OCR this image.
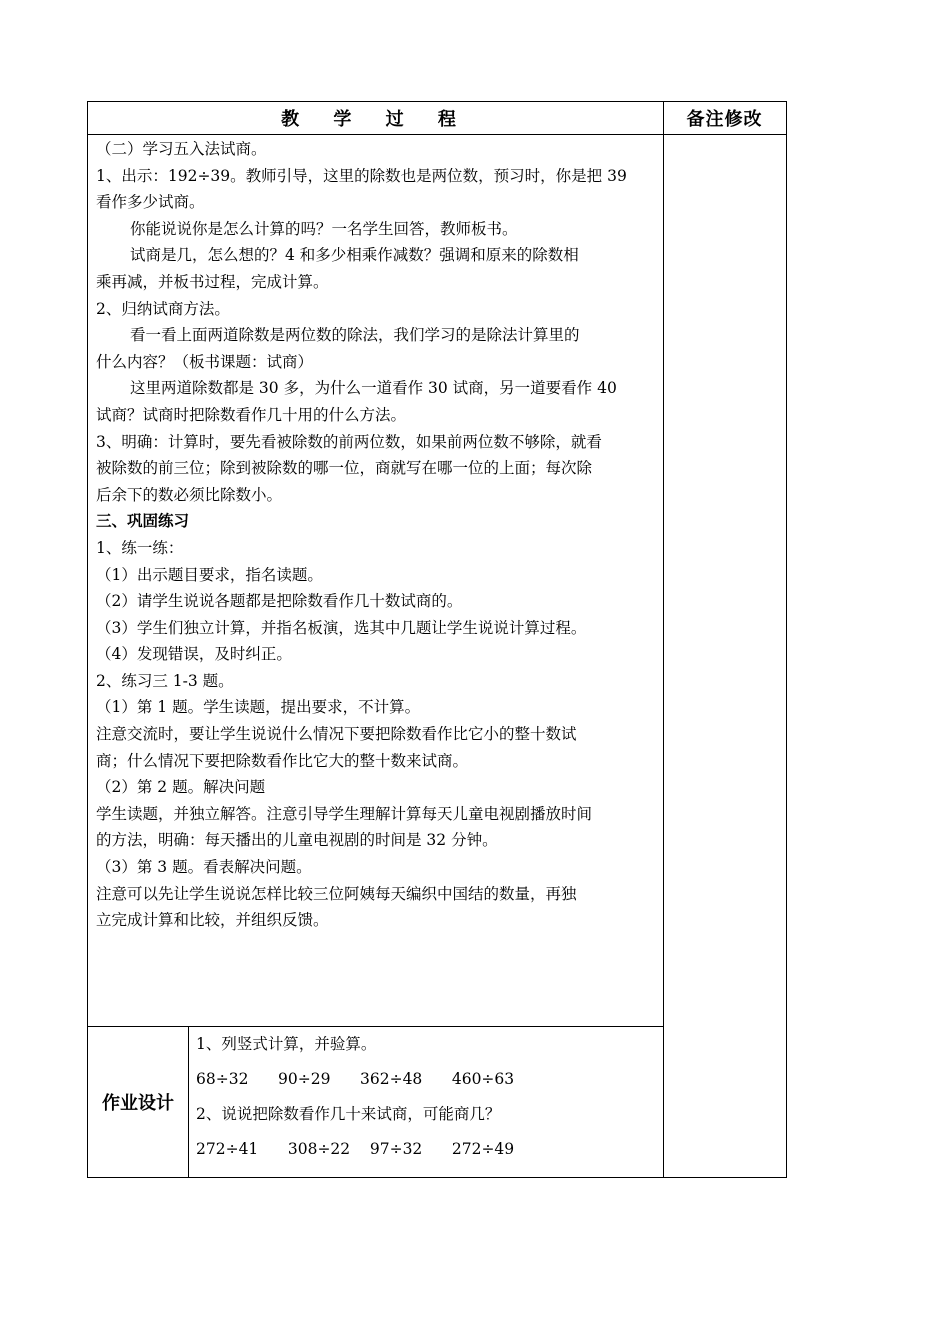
教 学 过 程	备注修改
（二）学习五入法试商。
1、出示：192÷39。教师引导，这里的除数也是两位数，预习时，你是把 39
看作多少试商。
你能说说你是怎么计算的吗？一名学生回答，教师板书。
试商是几，怎么想的？4 和多少相乘作减数？强调和原来的除数相
乘再减，并板书过程，完成计算。
2、归纳试商方法。
看一看上面两道除数是两位数的除法，我们学习的是除法计算里的
什么内容？（板书课题：试商）
这里两道除数都是 30 多，为什么一道看作 30 试商，另一道要看作 40
试商？试商时把除数看作几十用的什么方法。
3、明确：计算时，要先看被除数的前两位数，如果前两位数不够除，就看
被除数的前三位；除到被除数的哪一位，商就写在哪一位的上面；每次除
后余下的数必须比除数小。
三、巩固练习
1、练一练：
（1）出示题目要求，指名读题。
（2）请学生说说各题都是把除数看作几十数试商的。
（3）学生们独立计算，并指名板演，选其中几题让学生说说计算过程。
（4）发现错误，及时纠正。
2、练习三 1-3 题。
（1）第 1 题。学生读题，提出要求，不计算。
注意交流时，要让学生说说什么情况下要把除数看作比它小的整十数试
商；什么情况下要把除数看作比它大的整十数来试商。
（2）第 2 题。解决问题
学生读题，并独立解答。注意引导学生理解计算每天儿童电视剧播放时间
的方法，明确：每天播出的儿童电视剧的时间是 32 分钟。
（3）第 3 题。看表解决问题。
注意可以先让学生说说怎样比较三位阿姨每天编织中国结的数量，再独
立完成计算和比较，并组织反馈。
作业设计
1、列竖式计算，并验算。
68÷32      90÷29      362÷48      460÷63
2、说说把除数看作几十来试商，可能商几？
272÷41      308÷22    97÷32      272÷49
